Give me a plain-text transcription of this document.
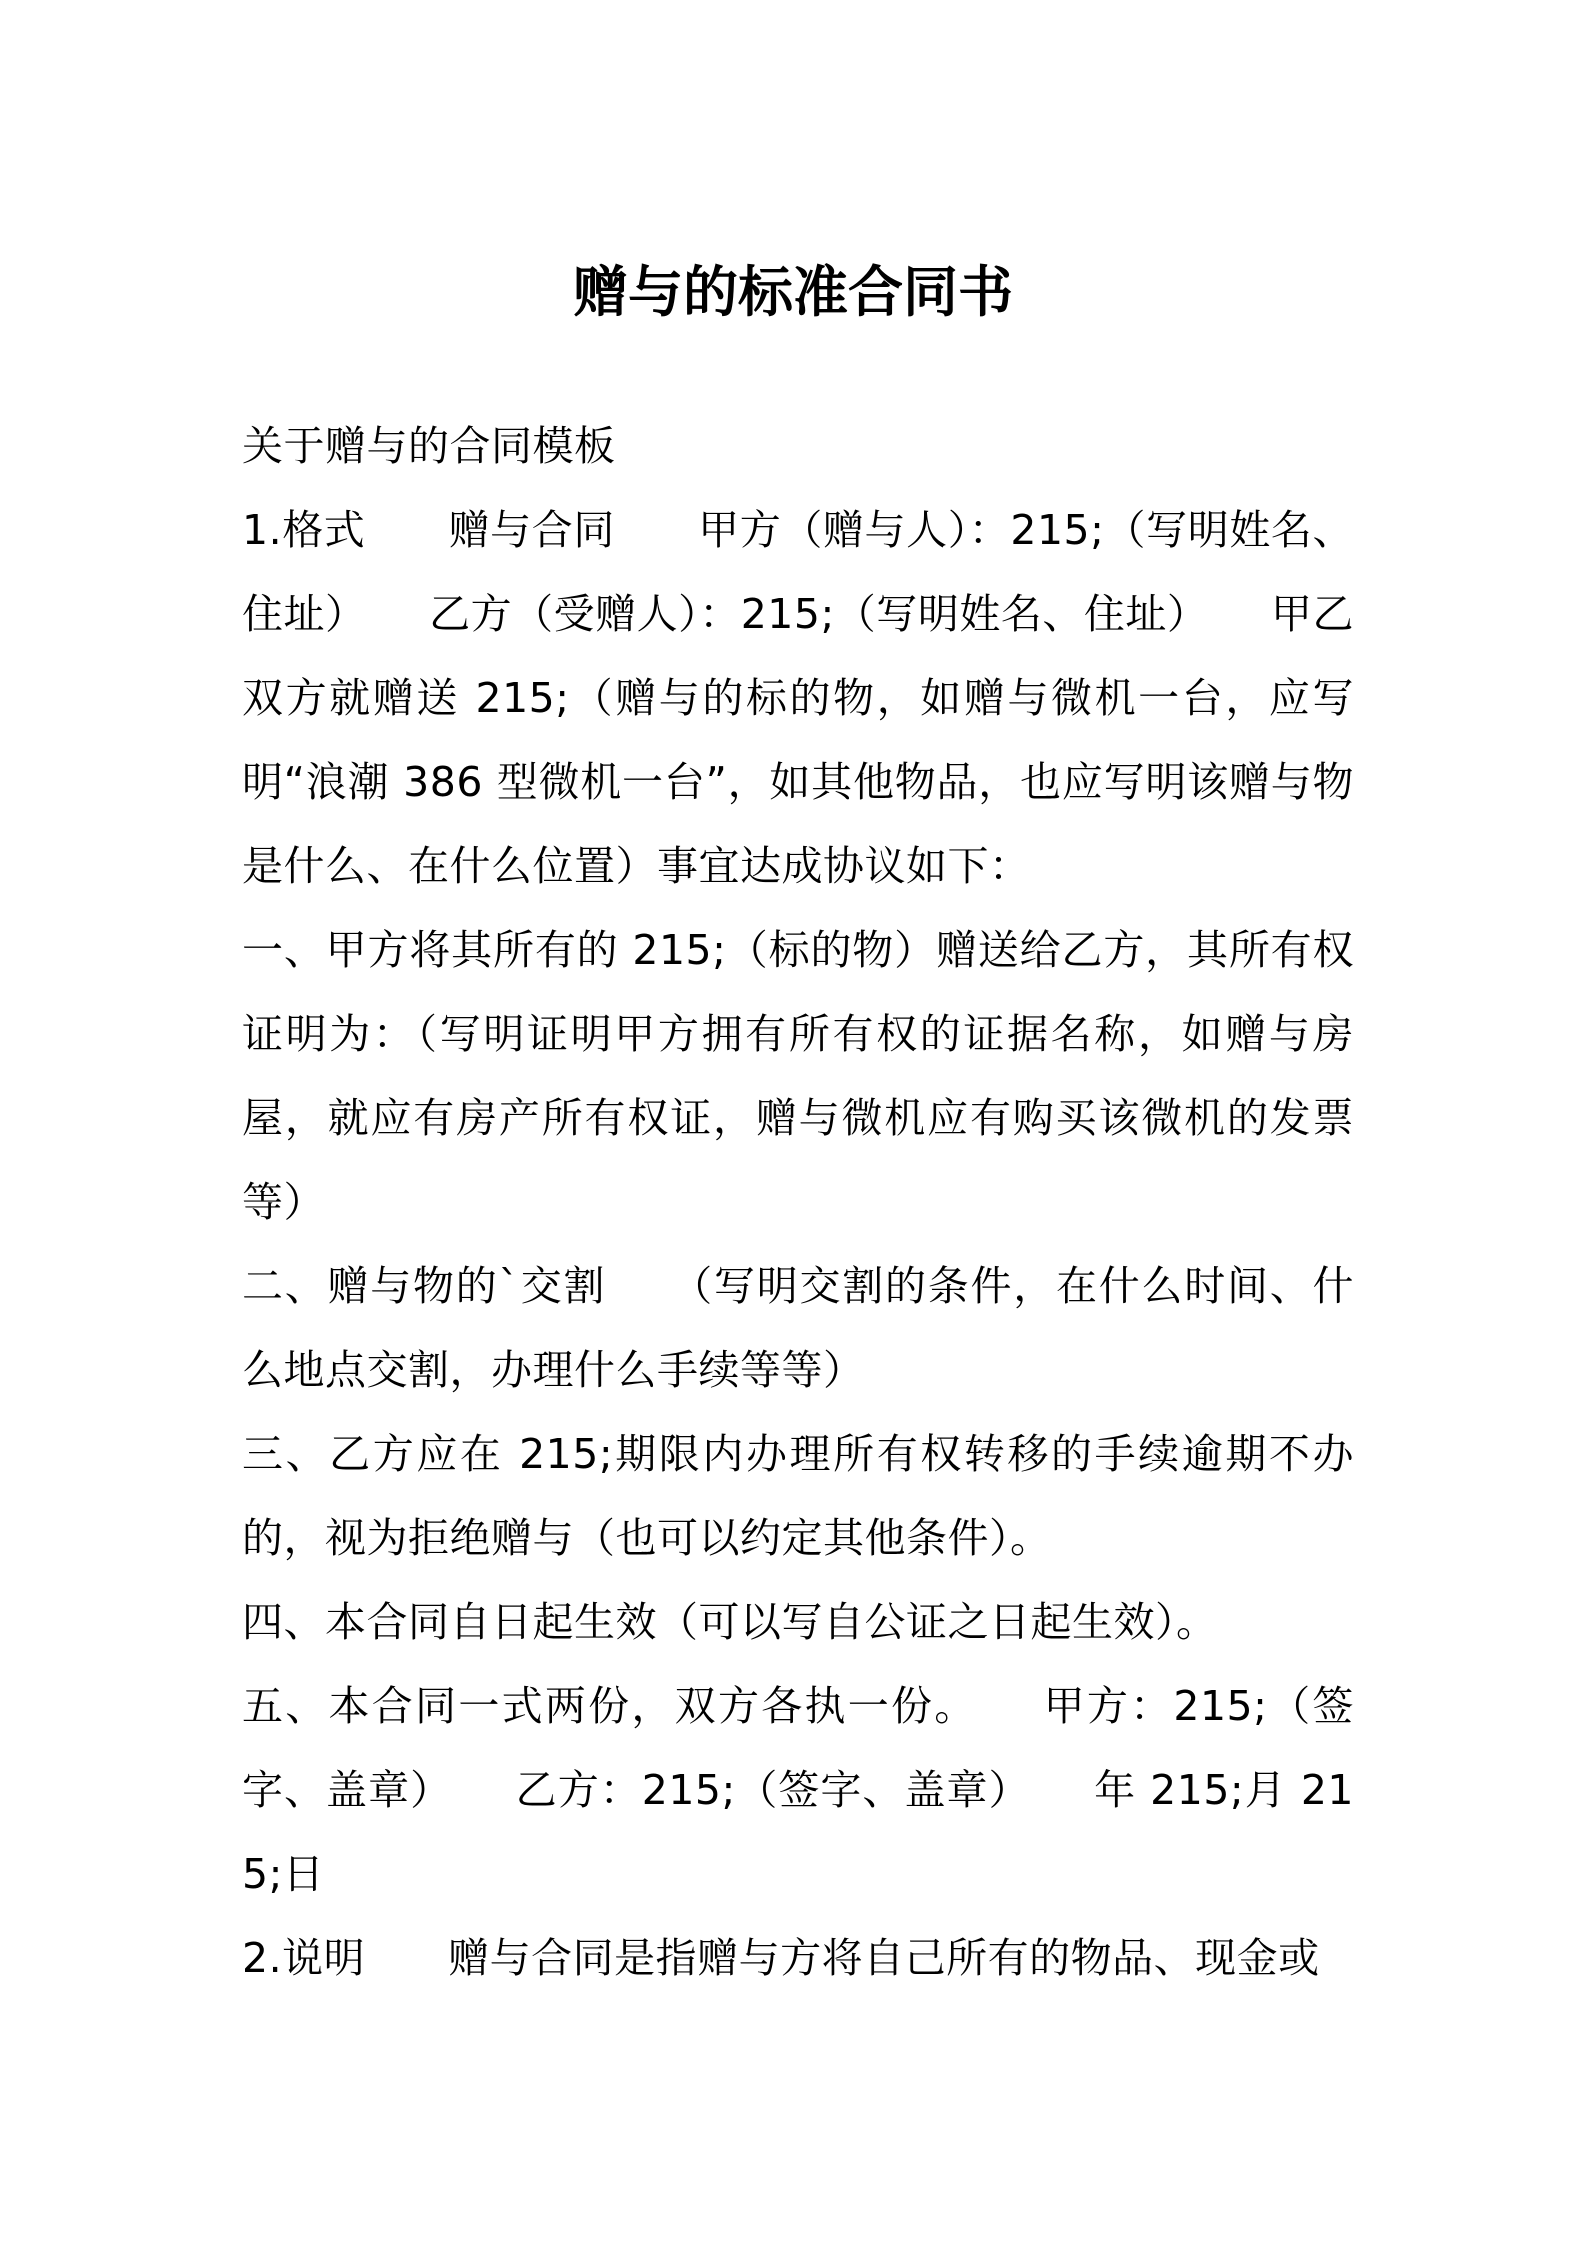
赠与的标准合同书

关于赠与的合同模板

1.格式　　赠与合同　　甲方（赠与人）：215;（写明姓名、住址）　　乙方（受赠人）：215;（写明姓名、住址）　　甲乙双方就赠送 215;（赠与的标的物，如赠与微机一台，应写明“浪潮 386 型微机一台”，如其他物品，也应写明该赠与物是什么、在什么位置）事宜达成协议如下：

一、甲方将其所有的 215;（标的物）赠送给乙方，其所有权证明为：（写明证明甲方拥有所有权的证据名称，如赠与房屋，就应有房产所有权证，赠与微机应有购买该微机的发票等）

二、赠与物的`交割　　（写明交割的条件，在什么时间、什么地点交割，办理什么手续等等）

三、乙方应在 215;期限内办理所有权转移的手续逾期不办的，视为拒绝赠与（也可以约定其他条件）。

四、本合同自日起生效（可以写自公证之日起生效）。

五、本合同一式两份，双方各执一份。　　甲方：215;（签字、盖章）　　乙方：215;（签字、盖章）　　年 215;月 215;日

2.说明　　赠与合同是指赠与方将自己所有的物品、现金或
